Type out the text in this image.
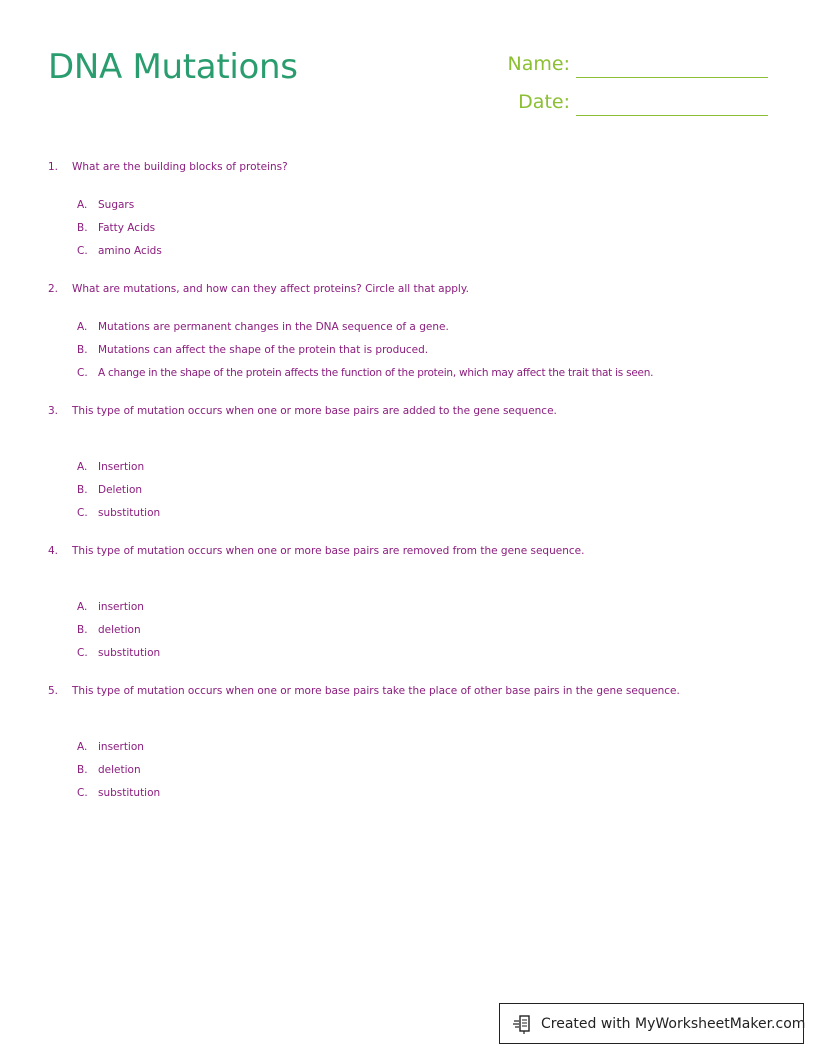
DNA Mutations	Name:
Date:
1. What are the building blocks of proteins?
A. Sugars
B. Fatty Acids
C. amino Acids
2. What are mutations, and how can they affect proteins? Circle all that apply.
A. Mutations are permanent changes in the DNA sequence of a gene.
B. Mutations can affect the shape of the protein that is produced.
C. A change in the shape of the protein affects the function of the protein, which may affect the trait that is seen.
3. This type of mutation occurs when one or more base pairs are added to the gene sequence.
A. Insertion
B. Deletion
C. substitution
4. This type of mutation occurs when one or more base pairs are removed from the gene sequence.
A. insertion
B. deletion
C. substitution
5. This type of mutation occurs when one or more base pairs take the place of other base pairs in the gene sequence.
A. insertion
B. deletion
C. substitution
Created with MyWorksheetMaker.com
